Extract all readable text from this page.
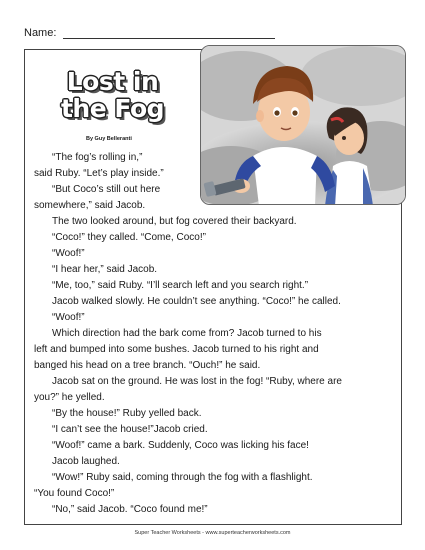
Name:
Lost in
the Fog
By Guy Belleranti

“The fog’s rolling in,”

said Ruby. “Let’s play inside.”

“But Coco’s still out here

somewhere,” said Jacob.

The two looked around, but fog covered their backyard.

“Coco!” they called. “Come, Coco!”

“Woof!”

“I hear her,” said Jacob.

“Me, too,” said Ruby. “I’ll search left and you search right.”

Jacob walked slowly. He couldn’t see anything. “Coco!” he called.

“Woof!”

Which direction had the bark come from? Jacob turned to his

left and bumped into some bushes. Jacob turned to his right and

banged his head on a tree branch. “Ouch!” he said.

Jacob sat on the ground. He was lost in the fog! “Ruby, where are

you?” he yelled.

“By the house!” Ruby yelled back.

“I can’t see the house!”Jacob cried.

“Woof!” came a bark. Suddenly, Coco was licking his face!

Jacob laughed.

“Wow!” Ruby said, coming through the fog with a flashlight.

“You found Coco!”

“No,” said Jacob. “Coco found me!”

Super Teacher Worksheets - www.superteacherworksheets.com
